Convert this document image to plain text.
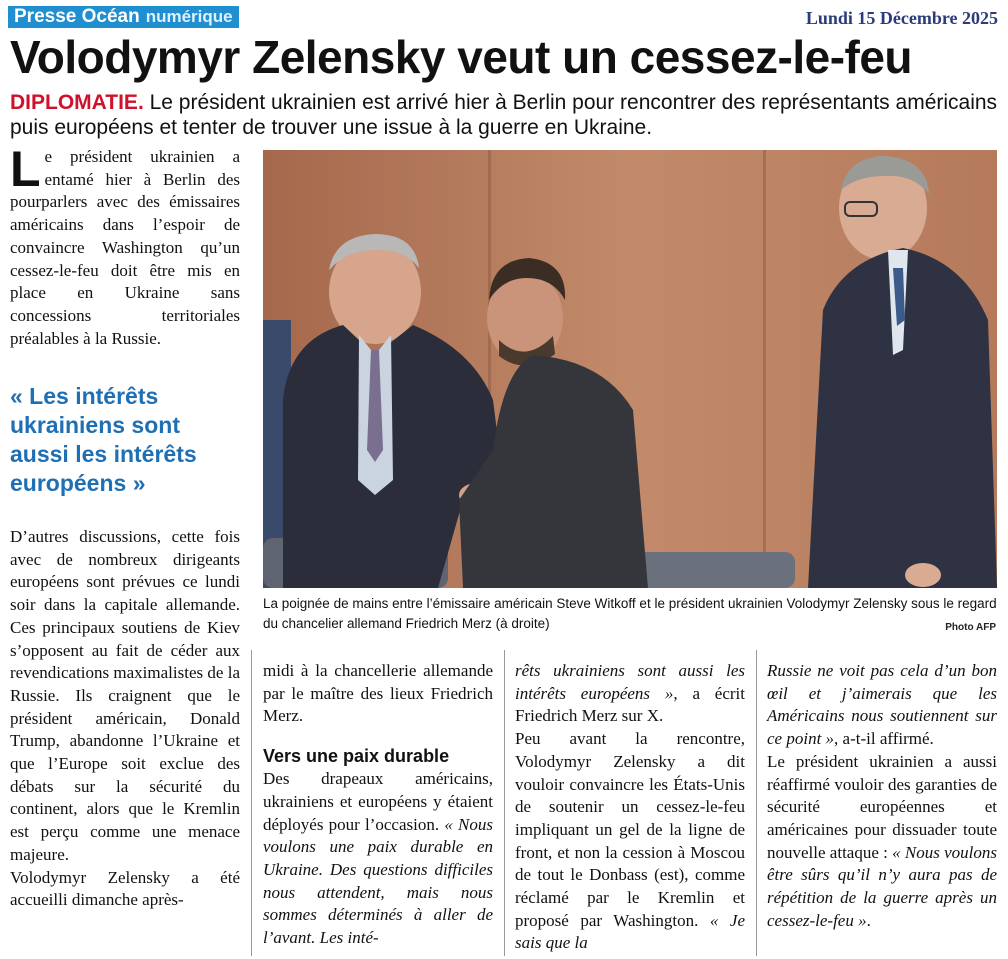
Presse Océan numérique	Lundi 15 Décembre 2025
Volodymyr Zelensky veut un cessez-le-feu
DIPLOMATIE. Le président ukrainien est arrivé hier à Berlin pour rencontrer des représentants américains puis européens et tenter de trouver une issue à la guerre en Ukraine.
Le président ukrainien a entamé hier à Berlin des pourparlers avec des émissaires américains dans l’espoir de convaincre Washington qu’un cessez-le-feu doit être mis en place en Ukraine sans concessions territoriales préalables à la Russie.
« Les intérêts ukrainiens sont aussi les intérêts européens »

D’autres discussions, cette fois avec de nombreux dirigeants européens sont prévues ce lundi soir dans la capitale allemande. Ces principaux soutiens de Kiev s’opposent au fait de céder aux revendications maximalistes de la Russie. Ils craignent que le président américain, Donald Trump, abandonne l’Ukraine et que l’Europe soit exclue des débats sur la sécurité du continent, alors que le Kremlin est perçu comme une menace majeure.

Volodymyr Zelensky a été accueilli dimanche après-

La poignée de mains entre l’émissaire américain Steve Witkoff et le président ukrainien Volodymyr Zelensky sous le regard du chancelier allemand Friedrich Merz (à droite)	Photo AFP

midi à la chancellerie allemande par le maître des lieux Friedrich Merz.

Vers une paix durable

Des drapeaux américains, ukrainiens et européens y étaient déployés pour l’occasion. « Nous voulons une paix durable en Ukraine. Des questions difficiles nous attendent, mais nous sommes déterminés à aller de l’avant. Les inté-

rêts ukrainiens sont aussi les intérêts européens », a écrit Friedrich Merz sur X.

Peu avant la rencontre, Volodymyr Zelensky a dit vouloir convaincre les États-Unis de soutenir un cessez-le-feu impliquant un gel de la ligne de front, et non la cession à Moscou de tout le Donbass (est), comme réclamé par le Kremlin et proposé par Washington. « Je sais que la

Russie ne voit pas cela d’un bon œil et j’aimerais que les Américains nous soutiennent sur ce point », a-t-il affirmé.

Le président ukrainien a aussi réaffirmé vouloir des garanties de sécurité européennes et américaines pour dissuader toute nouvelle attaque : « Nous voulons être sûrs qu’il n’y aura pas de répétition de la guerre après un cessez-le-feu ».
